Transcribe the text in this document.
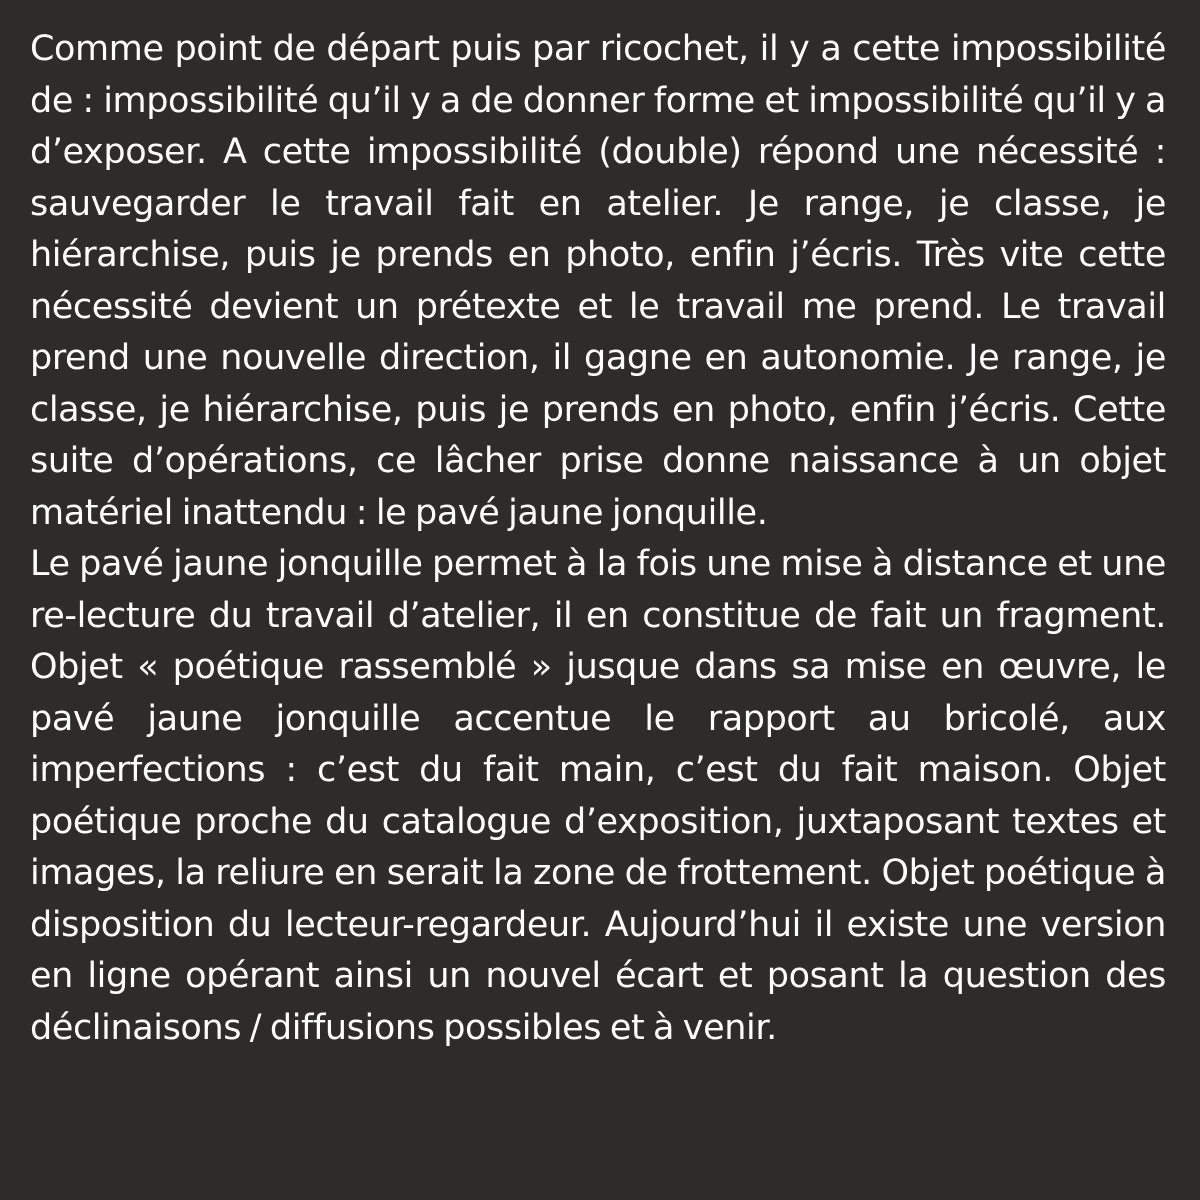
Comme point de départ puis par ricochet, il y a cette impossibilité de : impossibilité qu’il y a de donner forme et impossibilité qu’il y a d’exposer. A cette impossibilité (double) répond une nécessité : sauvegarder le travail fait en atelier. Je range, je classe, je hiérarchise, puis je prends en photo, enfin j’écris. Très vite cette nécessité devient un prétexte et le travail me prend. Le travail prend une nouvelle direction, il gagne en autonomie. Je range, je classe, je hiérarchise, puis je prends en photo, enfin j’écris. Cette suite d’opérations, ce lâcher prise donne naissance à un objet matériel inattendu : le pavé jaune jonquille.

Le pavé jaune jonquille permet à la fois une mise à distance et une re-lecture du travail d’atelier, il en constitue de fait un fragment. Objet « poétique rassemblé » jusque dans sa mise en œuvre, le pavé jaune jonquille accentue le rapport au bricolé, aux imperfections : c’est du fait main, c’est du fait maison. Objet poétique proche du catalogue d’exposition, juxtaposant textes et images, la reliure en serait la zone de frottement. Objet poétique à disposition du lecteur-regardeur. Aujourd’hui il existe une version en ligne opérant ainsi un nouvel écart et posant la question des déclinaisons / diffusions possibles et à venir.
